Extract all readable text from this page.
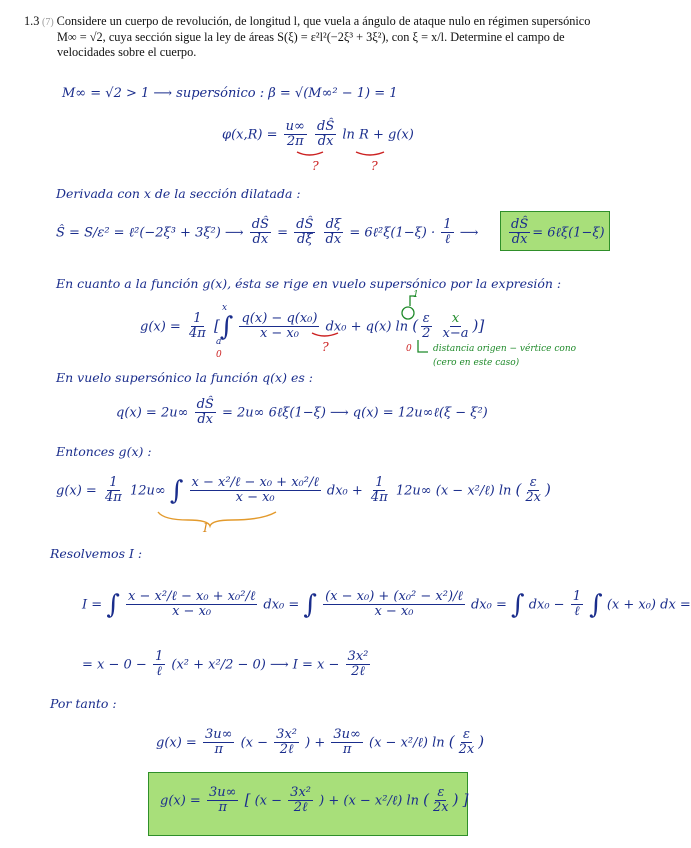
1.3 (7) Considere un cuerpo de revolución, de longitud l, que vuela a ángulo de ataque nulo en régimen supersónico
M∞ = √2, cuya sección sigue la ley de áreas S(ξ) = ε²l²(−2ξ³ + 3ξ²), con ξ = x/l. Determine el campo de
velocidades sobre el cuerpo.
M∞ = √2 > 1 ⟶ supersónico : β = √(M∞² − 1) = 1
$\varphi(x,R) = \frac{u\infty}{2\pi}$
$\frac{dŜ}{dx}$ ln R + g(x)
?	?
Derivada con x de la sección dilatada :
Ŝ = S/ε² = ℓ²(−2ξ³ + 3ξ²) ⟶ $\frac{dŜ}{dx} = \frac{dŜ}{d\xi}$
$\frac{d\xi}{dx}$ = 6ℓ²ξ(1−ξ) · $\frac{1}{\text{ℓ}}$ ⟶ $\frac{dŜ}{dx}$ = 6ℓξ(1−ξ)
En cuanto a la función g(x), ésta se rige en vuelo supersónico por la expresión :
$g(x) = \frac{1}{4\pi}$ [∫ $\frac{\text{q(x) − q(x₀)}}{\text{x − x₀}} dx_0 + q(x)$ ln ( $\frac{\varepsilon}{2}$
$\frac{x}{x-a}$ )]
x
a
0
?
1
0 distancia origen − vértice cono
(cero en este caso)
En vuelo supersónico la función q(x) es :
$q(x) = 2u\infty \frac{dŜ}{dx} = 2u\infty$ 6ℓξ(1−ξ) ⟶ q(x) = 12u∞ℓ(ξ − ξ²)
Entonces g(x) :
$g(x) = \frac{1}{4\pi} 12u\infty$ ∫ $\frac{\text{x − x²/ℓ − x₀ + x₀²/ℓ}}{\text{x − x₀}} dx_0 + \frac{1}{4\pi} 12u\infty$ (x − x²/ℓ) ln ( $\frac{\varepsilon}{2x}$ )
I
Resolvemos I :
I = ∫ $\frac{\text{x − x²/ℓ − x₀ + x₀²/ℓ}}{\text{x − x₀}} dx_0$ = ∫ $\frac{\text{(x − x₀) + (x₀² − x²)/ℓ}}{\text{x − x₀}} dx_0$ = ∫ $dx_0 - \frac{1}{\text{ℓ}}$ ∫ (x + x₀) dx =
= $x - 0 - \frac{1}{\text{ℓ}} (x^2 + x^2/2 - 0)$ ⟶ $I = x - \frac{\text{3x²}}{\text{2ℓ}}$
Por tanto :
$g(x) = \frac{3u\infty}{\pi} (x - \frac{\text{3x²}}{\text{2ℓ}}$ ) + $\frac{3u\infty}{\pi} (x$ − x²/ℓ) ln ( $\frac{\varepsilon}{2x}$ )
$g(x) = \frac{3u\infty}{\pi}$ [ ($x - \frac{\text{3x²}}{\text{2ℓ}}$ ) + (x − x²/ℓ) ln ( $\frac{\varepsilon}{2x}$ ) ]
